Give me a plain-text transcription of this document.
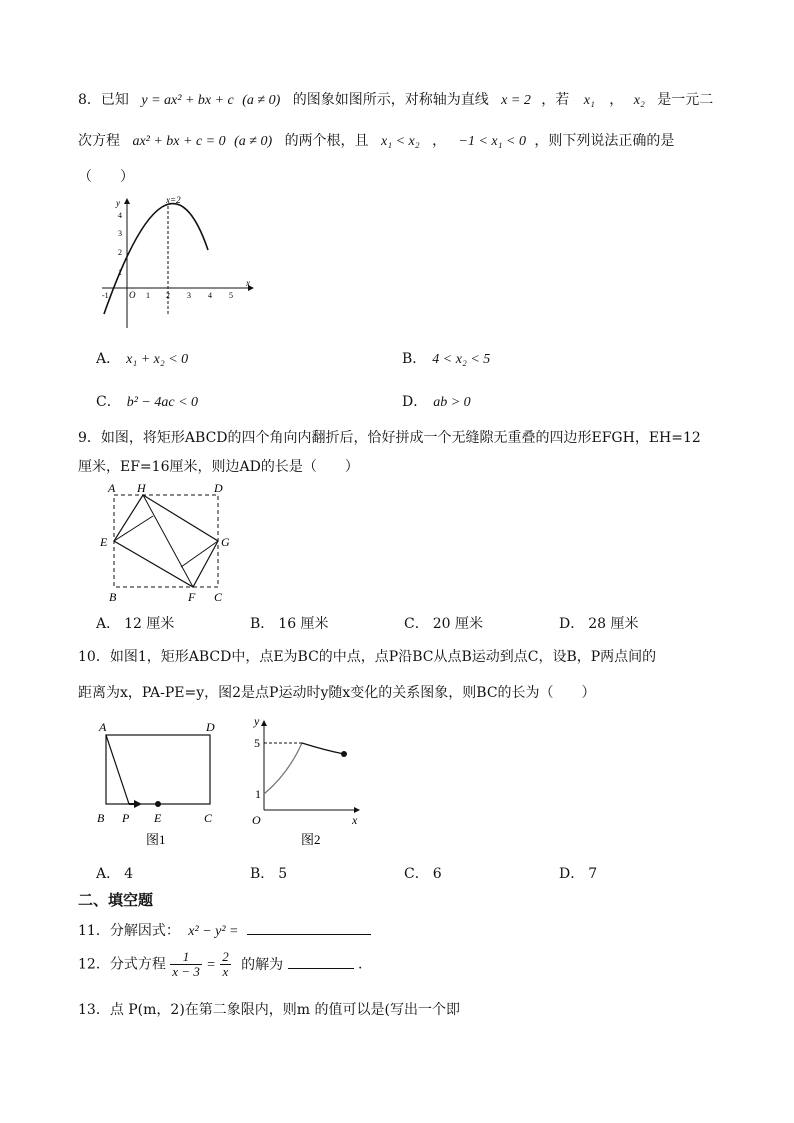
8．已知 y = ax² + bx + c (a ≠ 0) 的图象如图所示，对称轴为直线 x = 2 ，若 x₁ ， x₂ 是一元二
次方程 ax² + bx + c = 0 (a ≠ 0) 的两个根，且 x₁ < x₂ ， −1 < x₁ < 0 ，则下列说法正确的是
（　　）
x=2
y
x
O
1
2
3
4
-1	1 2 3 4 5
A． x₁ + x₂ < 0	B． 4 < x₂ < 5
C． b² − 4ac < 0	D． ab > 0
9．如图，将矩形ABCD的四个角向内翻折后，恰好拼成一个无缝隙无重叠的四边形EFGH，EH=12
厘米，EF=16厘米，则边AD的长是（　　）
A H	D
E	G
B	F C
A． 12 厘米	B． 16 厘米	C． 20 厘米	D． 28 厘米
10．如图1，矩形ABCD中，点E为BC的中点，点P沿BC从点B运动到点C，设B，P两点间的
距离为x，PA-PE=y，图2是点P运动时y随x变化的关系图象，则BC的长为（　　）
A	D
B P E	C
图1
y
x
O
5
1
图2
A． 4	B． 5	C． 6	D． 7
二、填空题
11．分解因式： x² − y² =
12．分式方程 $\frac{1}{x - 3} = \frac{2}{x}$ 的解为	.
13．点 P(m，2)在第二象限内，则m 的值可以是(写出一个即
